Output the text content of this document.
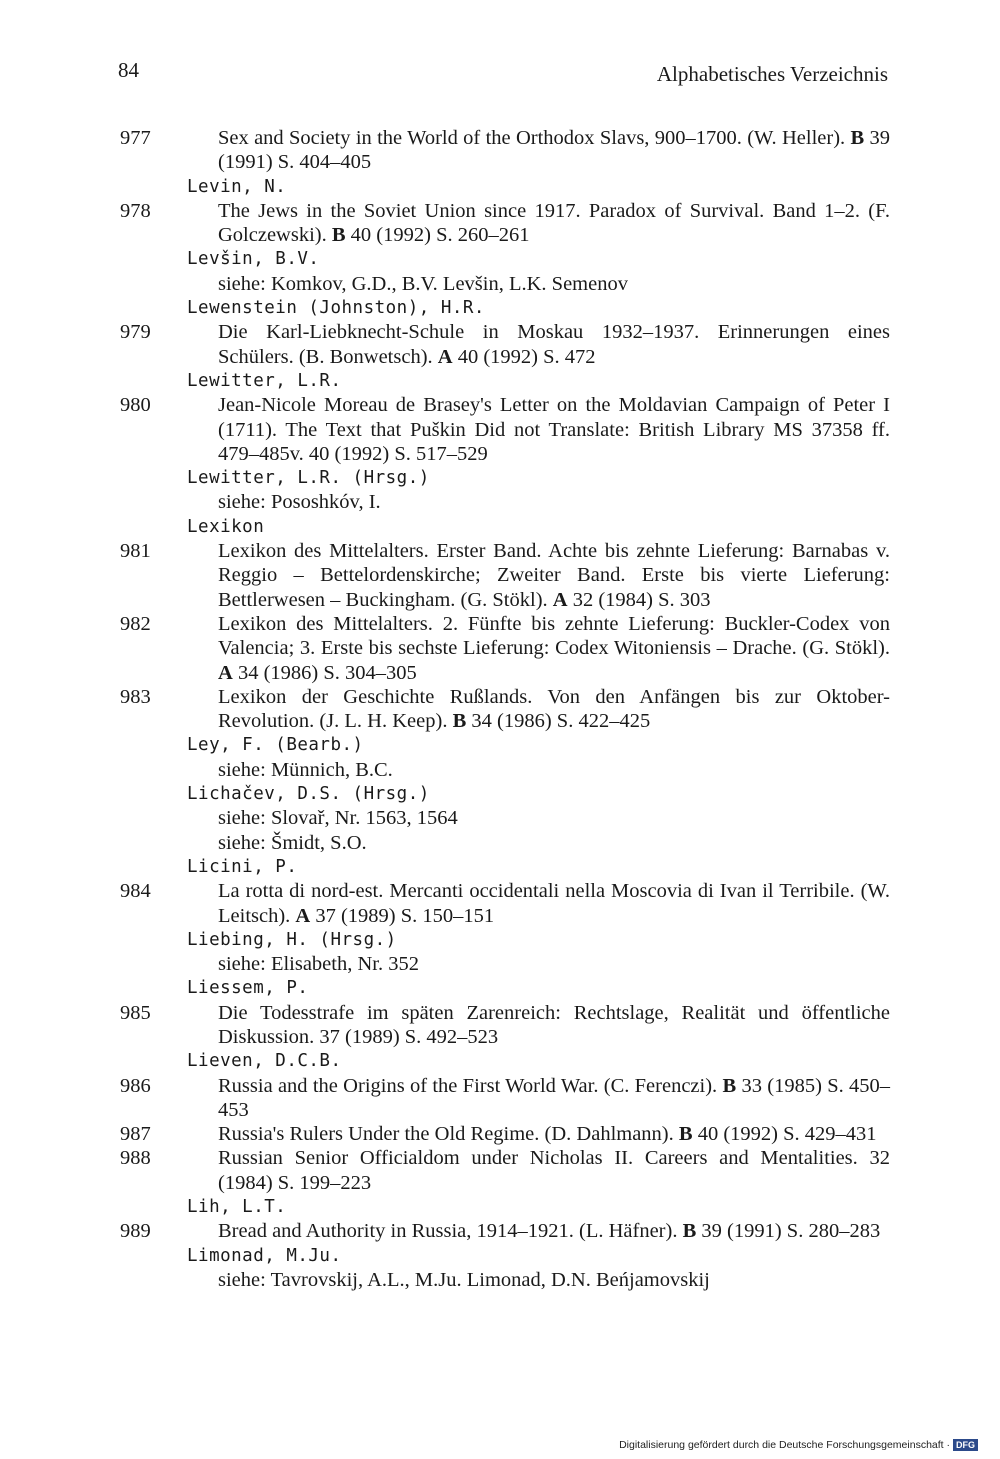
84	Alphabetisches Verzeichnis
977	Sex and Society in the World of the Orthodox Slavs, 900–1700. (W. Heller). B 39 (1991) S. 404–405
Levin, N.
978	The Jews in the Soviet Union since 1917. Paradox of Survival. Band 1–2. (F. Golczewski). B 40 (1992) S. 260–261
Levšin, B.V.
siehe: Komkov, G.D., B.V. Levšin, L.K. Semenov
Lewenstein (Johnston), H.R.
979	Die Karl-Liebknecht-Schule in Moskau 1932–1937. Erinnerungen eines Schülers. (B. Bonwetsch). A 40 (1992) S. 472
Lewitter, L.R.
980	Jean-Nicole Moreau de Brasey's Letter on the Moldavian Campaign of Peter I (1711). The Text that Puškin Did not Translate: British Library MS 37358 ff. 479–485v. 40 (1992) S. 517–529
Lewitter, L.R. (Hrsg.)
siehe: Pososhkóv, I.
Lexikon
981	Lexikon des Mittelalters. Erster Band. Achte bis zehnte Lieferung: Barnabas v. Reggio – Bettelordenskirche; Zweiter Band. Erste bis vierte Lieferung: Bettlerwesen – Buckingham. (G. Stökl). A 32 (1984) S. 303
982	Lexikon des Mittelalters. 2. Fünfte bis zehnte Lieferung: Buckler-Codex von Valencia; 3. Erste bis sechste Lieferung: Codex Witoniensis – Drache. (G. Stökl). A 34 (1986) S. 304–305
983	Lexikon der Geschichte Rußlands. Von den Anfängen bis zur Oktober-Revolution. (J. L. H. Keep). B 34 (1986) S. 422–425
Ley, F. (Bearb.)
siehe: Münnich, B.C.
Lichačev, D.S. (Hrsg.)
siehe: Slovař, Nr. 1563, 1564
siehe: Šmidt, S.O.
Licini, P.
984	La rotta di nord-est. Mercanti occidentali nella Moscovia di Ivan il Terribile. (W. Leitsch). A 37 (1989) S. 150–151
Liebing, H. (Hrsg.)
siehe: Elisabeth, Nr. 352
Liessem, P.
985	Die Todesstrafe im späten Zarenreich: Rechtslage, Realität und öffentliche Diskussion. 37 (1989) S. 492–523
Lieven, D.C.B.
986	Russia and the Origins of the First World War. (C. Ferenczi). B 33 (1985) S. 450–453
987	Russia's Rulers Under the Old Regime. (D. Dahlmann). B 40 (1992) S. 429–431
988	Russian Senior Officialdom under Nicholas II. Careers and Mentalities. 32 (1984) S. 199–223
Lih, L.T.
989	Bread and Authority in Russia, 1914–1921. (L. Häfner). B 39 (1991) S. 280–283
Limonad, M.Ju.
siehe: Tavrovskij, A.L., M.Ju. Limonad, D.N. Beńjamovskij
Digitalisierung gefördert durch die Deutsche Forschungsgemeinschaft · DFG
